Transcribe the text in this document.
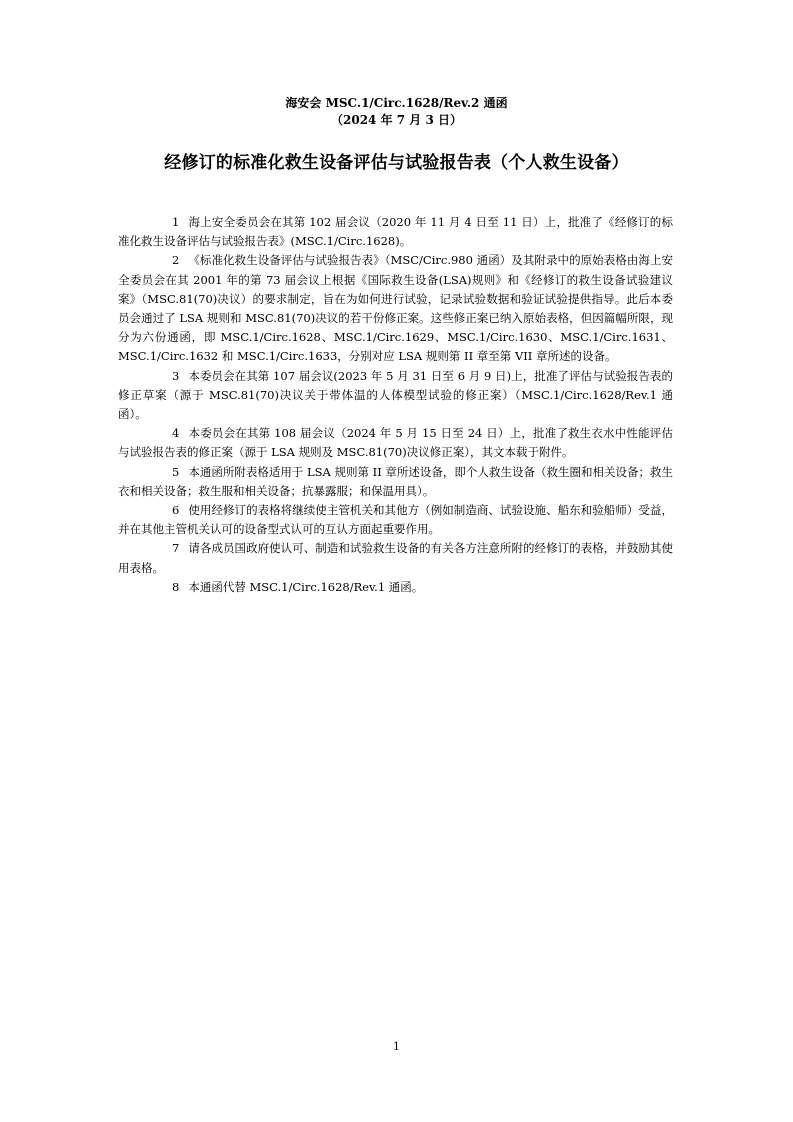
海安会 MSC.1/Circ.1628/Rev.2 通函

（2024 年 7 月 3 日）

经修订的标准化救生设备评估与试验报告表（个人救生设备）

1 海上安全委员会在其第 102 届会议（2020 年 11 月 4 日至 11 日）上，批准了《经修订的标准化救生设备评估与试验报告表》(MSC.1/Circ.1628)。

2 《标准化救生设备评估与试验报告表》（MSC/Circ.980 通函）及其附录中的原始表格由海上安全委员会在其 2001 年的第 73 届会议上根据《国际救生设备(LSA)规则》和《经修订的救生设备试验建议案》（MSC.81(70)决议）的要求制定，旨在为如何进行试验，记录试验数据和验证试验提供指导。此后本委员会通过了 LSA 规则和 MSC.81(70)决议的若干份修正案。这些修正案已纳入原始表格，但因篇幅所限，现分为六份通函，即 MSC.1/Circ.1628、MSC.1/Circ.1629、MSC.1/Circ.1630、MSC.1/Circ.1631、MSC.1/Circ.1632 和 MSC.1/Circ.1633，分别对应 LSA 规则第 II 章至第 VII 章所述的设备。

3 本委员会在其第 107 届会议(2023 年 5 月 31 日至 6 月 9 日)上，批准了评估与试验报告表的修正草案（源于 MSC.81(70)决议关于带体温的人体模型试验的修正案）（MSC.1/Circ.1628/Rev.1 通函）。

4 本委员会在其第 108 届会议（2024 年 5 月 15 日至 24 日）上，批准了救生衣水中性能评估与试验报告表的修正案（源于 LSA 规则及 MSC.81(70)决议修正案），其文本载于附件。

5 本通函所附表格适用于 LSA 规则第 II 章所述设备，即个人救生设备（救生圈和相关设备；救生衣和相关设备；救生服和相关设备；抗暴露服；和保温用具）。

6 使用经修订的表格将继续使主管机关和其他方（例如制造商、试验设施、船东和验船师）受益，并在其他主管机关认可的设备型式认可的互认方面起重要作用。

7 请各成员国政府使认可、制造和试验救生设备的有关各方注意所附的经修订的表格，并鼓励其使用表格。

8 本通函代替 MSC.1/Circ.1628/Rev.1 通函。

1
